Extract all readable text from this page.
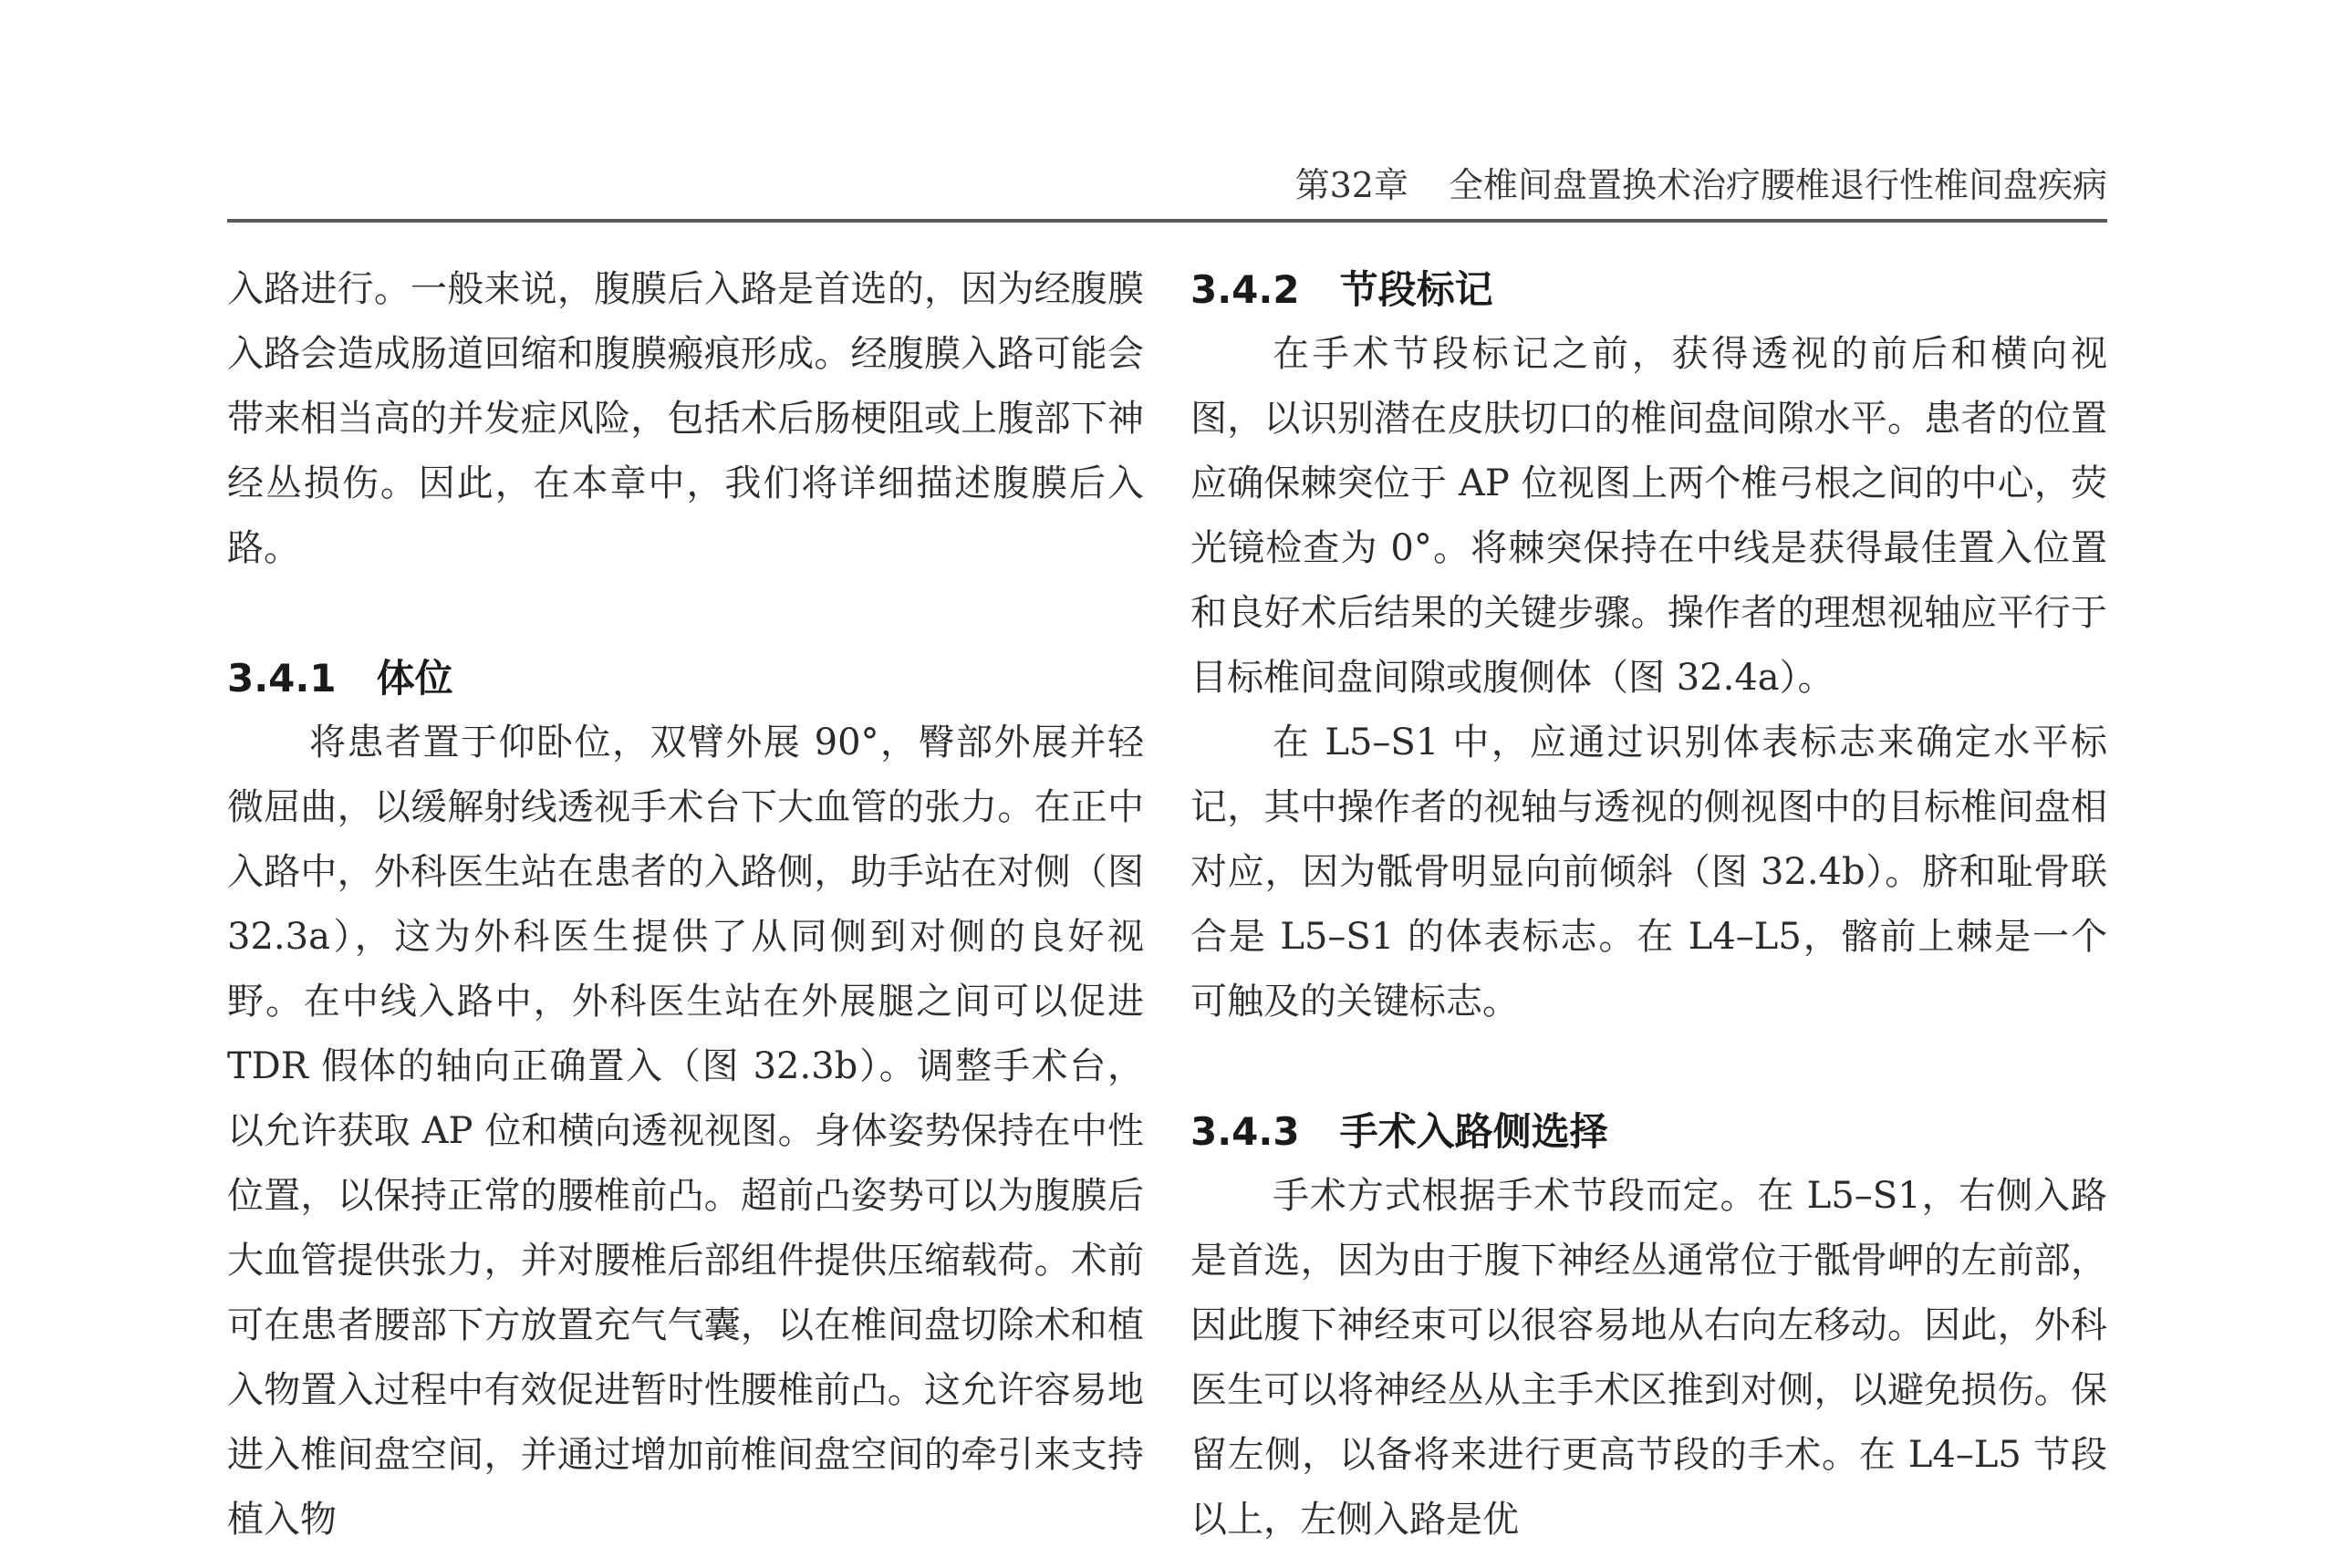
第32章 全椎间盘置换术治疗腰椎退行性椎间盘疾病

入路进行。一般来说，腹膜后入路是首选的，因为经腹膜入路会造成肠道回缩和腹膜瘢痕形成。经腹膜入路可能会带来相当高的并发症风险，包括术后肠梗阻或上腹部下神经丛损伤。因此，在本章中，我们将详细描述腹膜后入路。

3.4.1 体位

将患者置于仰卧位，双臂外展 90°，臀部外展并轻微屈曲，以缓解射线透视手术台下大血管的张力。在正中入路中，外科医生站在患者的入路侧，助手站在对侧（图 32.3a），这为外科医生提供了从同侧到对侧的良好视野。在中线入路中，外科医生站在外展腿之间可以促进 TDR 假体的轴向正确置入（图 32.3b）。调整手术台，以允许获取 AP 位和横向透视视图。身体姿势保持在中性位置，以保持正常的腰椎前凸。超前凸姿势可以为腹膜后大血管提供张力，并对腰椎后部组件提供压缩载荷。术前可在患者腰部下方放置充气气囊，以在椎间盘切除术和植入物置入过程中有效促进暂时性腰椎前凸。这允许容易地进入椎间盘空间，并通过增加前椎间盘空间的牵引来支持植入物

3.4.2 节段标记

在手术节段标记之前，获得透视的前后和横向视图，以识别潜在皮肤切口的椎间盘间隙水平。患者的位置应确保棘突位于 AP 位视图上两个椎弓根之间的中心，荧光镜检查为 0°。将棘突保持在中线是获得最佳置入位置和良好术后结果的关键步骤。操作者的理想视轴应平行于目标椎间盘间隙或腹侧体（图 32.4a）。

在 L5–S1 中，应通过识别体表标志来确定水平标记，其中操作者的视轴与透视的侧视图中的目标椎间盘相对应，因为骶骨明显向前倾斜（图 32.4b）。脐和耻骨联合是 L5–S1 的体表标志。在 L4–L5，髂前上棘是一个可触及的关键标志。

3.4.3 手术入路侧选择

手术方式根据手术节段而定。在 L5–S1，右侧入路是首选，因为由于腹下神经丛通常位于骶骨岬的左前部，因此腹下神经束可以很容易地从右向左移动。因此，外科医生可以将神经丛从主手术区推到对侧，以避免损伤。保留左侧，以备将来进行更高节段的手术。在 L4–L5 节段以上，左侧入路是优
